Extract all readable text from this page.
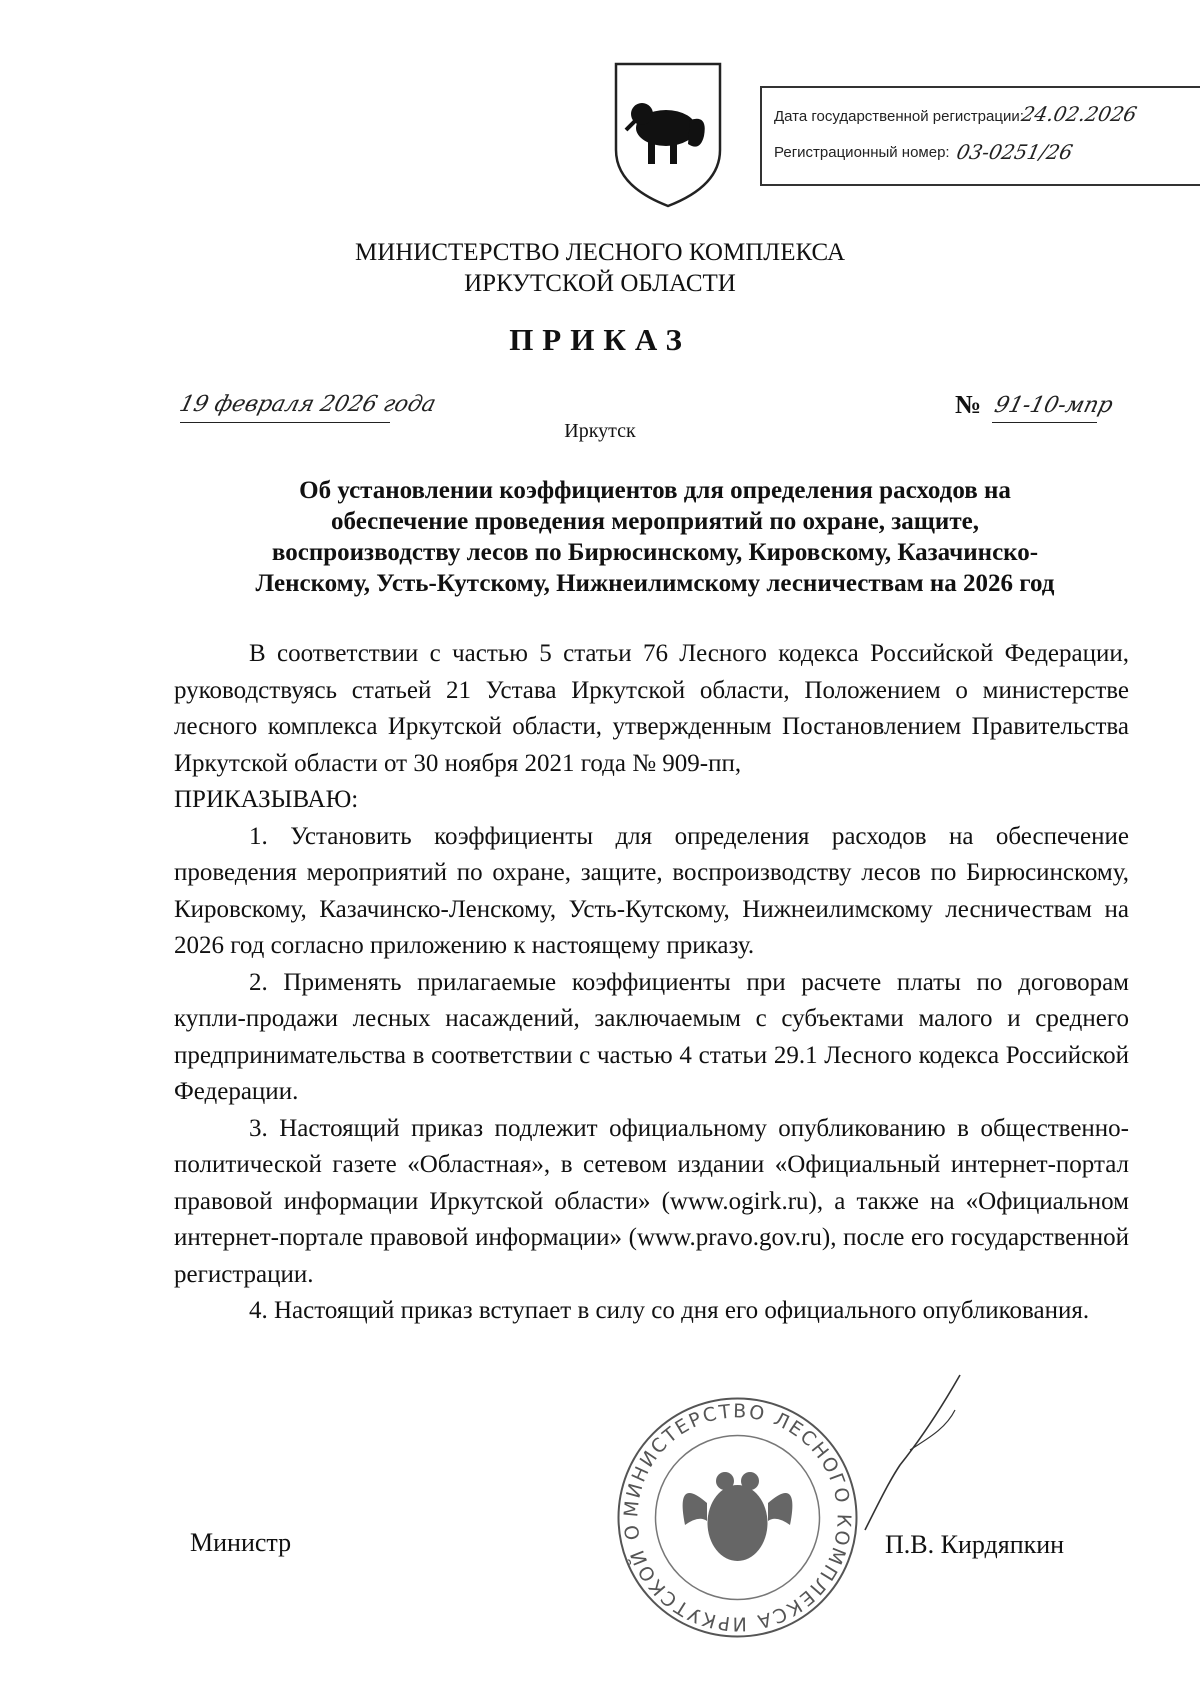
Дата государственной регистрации:
24.02.2026
Регистрационный номер: 03-0251/26
МИНИСТЕРСТВО ЛЕСНОГО КОМПЛЕКСА
ИРКУТСКОЙ ОБЛАСТИ
ПРИКАЗ
19 февраля 2026 года	№ 91-10-мпр
Иркутск
Об установлении коэффициентов для определения расходов на
обеспечение проведения мероприятий по охране, защите,
воспроизводству лесов по Бирюсинскому, Кировскому, Казачинско-
Ленскому, Усть-Кутскому, Нижнеилимскому лесничествам на 2026 год

В соответствии с частью 5 статьи 76 Лесного кодекса Российской Федерации, руководствуясь статьей 21 Устава Иркутской области, Положением о министерстве лесного комплекса Иркутской области, утвержденным Постановлением Правительства Иркутской области от 30 ноября 2021 года № 909-пп,

ПРИКАЗЫВАЮ:

1. Установить коэффициенты для определения расходов на обеспечение проведения мероприятий по охране, защите, воспроизводству лесов по Бирюсинскому, Кировскому, Казачинско-Ленскому, Усть-Кутскому, Нижнеилимскому лесничествам на 2026 год согласно приложению к настоящему приказу.

2. Применять прилагаемые коэффициенты при расчете платы по договорам купли-продажи лесных насаждений, заключаемым с субъектами малого и среднего предпринимательства в соответствии с частью 4 статьи 29.1 Лесного кодекса Российской Федерации.

3. Настоящий приказ подлежит официальному опубликованию в общественно-политической газете «Областная», в сетевом издании «Официальный интернет-портал правовой информации Иркутской области» (www.ogirk.ru), а также на «Официальном интернет-портале правовой информации» (www.pravo.gov.ru), после его государственной регистрации.

4. Настоящий приказ вступает в силу со дня его официального опубликования.

МИНИСТЕРСТВО ЛЕСНОГО КОМПЛЕКСА ИРКУТСКОЙ О
Министр	П.В. Кирдяпкин
